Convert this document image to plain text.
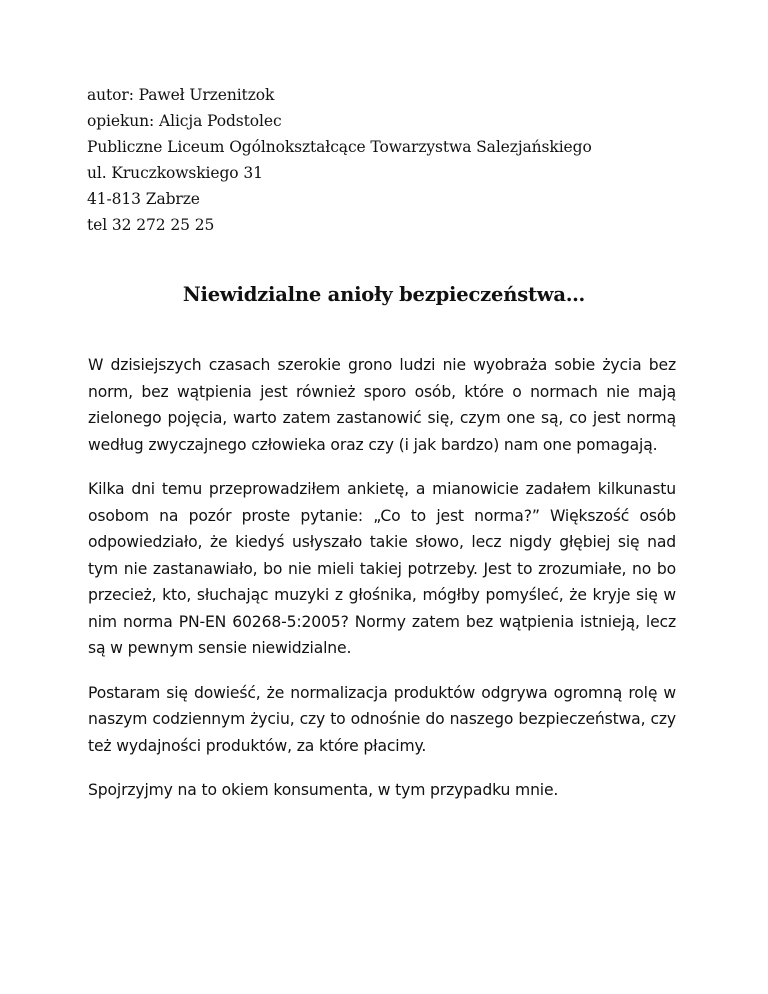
autor: Paweł Urzenitzok
opiekun: Alicja Podstolec
Publiczne Liceum Ogólnokształcące Towarzystwa Salezjańskiego
ul. Kruczkowskiego 31
41-813 Zabrze
tel 32 272 25 25
Niewidzialne anioły bezpieczeństwa…

W dzisiejszych czasach szerokie grono ludzi nie wyobraża sobie życia bez norm, bez wątpienia jest również sporo osób, które o normach nie mają zielonego pojęcia, warto zatem zastanowić się, czym one są, co jest normą według zwyczajnego człowieka oraz czy (i jak bardzo) nam one pomagają.

Kilka dni temu przeprowadziłem ankietę, a mianowicie zadałem kilkunastu osobom na pozór proste pytanie: „Co to jest norma?” Większość osób odpowiedziało, że kiedyś usłyszało takie słowo, lecz nigdy głębiej się nad tym nie zastanawiało, bo nie mieli takiej potrzeby. Jest to zrozumiałe, no bo przecież, kto, słuchając muzyki z głośnika, mógłby pomyśleć, że kryje się w nim norma PN-EN 60268-5:2005? Normy zatem bez wątpienia istnieją, lecz są w pewnym sensie niewidzialne.

Postaram się dowieść, że normalizacja produktów odgrywa ogromną rolę w naszym codziennym życiu, czy to odnośnie do naszego bezpieczeństwa, czy też wydajności produktów, za które płacimy.

Spojrzyjmy na to okiem konsumenta, w tym przypadku mnie.
